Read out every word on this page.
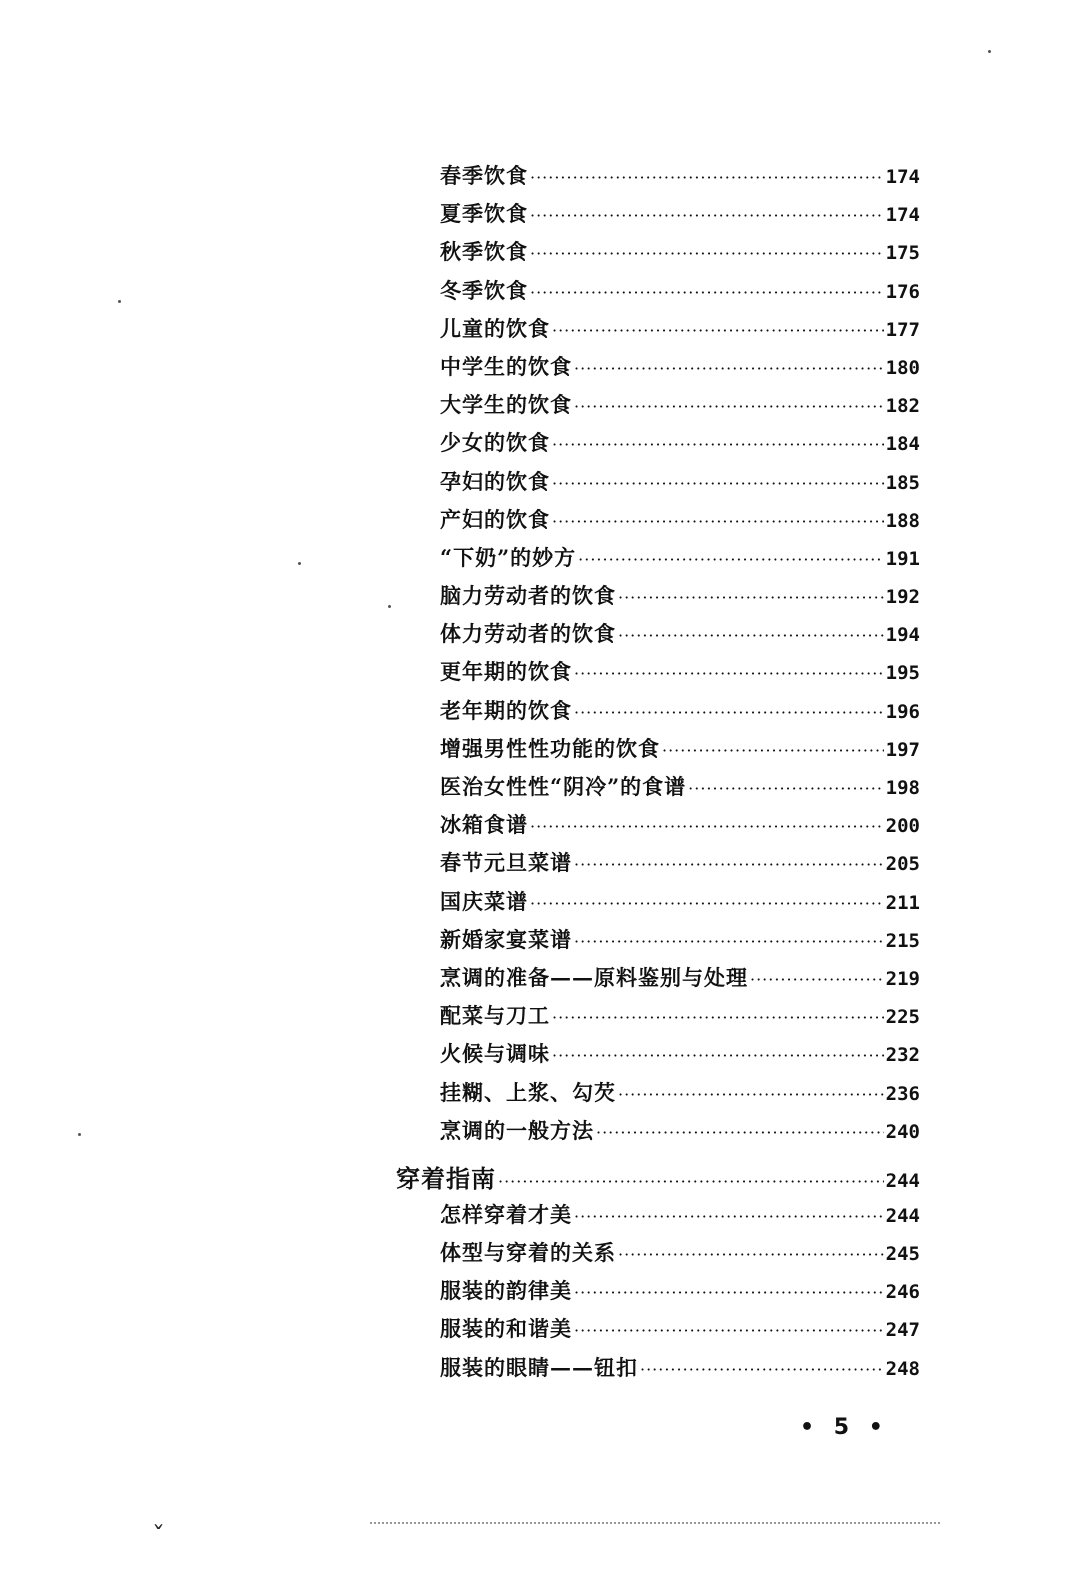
春季饮食 ·····	174
夏季饮食 ·····	174
秋季饮食 ·····	175
冬季饮食 ·····	176
儿童的饮食 ·····	177
中学生的饮食 ·····	180
大学生的饮食 ·····	182
少女的饮食 ·····	184
孕妇的饮食 ·····	185
产妇的饮食 ·····	188
“下奶”的妙方 ·····	191
脑力劳动者的饮食 ·····	192
体力劳动者的饮食 ·····	194
更年期的饮食 ·····	195
老年期的饮食 ·····	196
增强男性性功能的饮食 ·····	197
医治女性性“阴冷”的食谱 ·····	198
冰箱食谱 ·····	200
春节元旦菜谱 ·····	205
国庆菜谱 ·····	211
新婚家宴菜谱 ·····	215
烹调的准备——原料鉴别与处理 ·····	219
配菜与刀工 ·····	225
火候与调味 ·····	232
挂糊、上浆、勾芡 ·····	236
烹调的一般方法 ·····	240
穿着指南 ·····	244
怎样穿着才美 ·····	244
体型与穿着的关系 ·····	245
服装的韵律美 ·····	246
服装的和谐美 ·····	247
服装的眼睛——钮扣 ·····	248
• 5 •
ˇ
